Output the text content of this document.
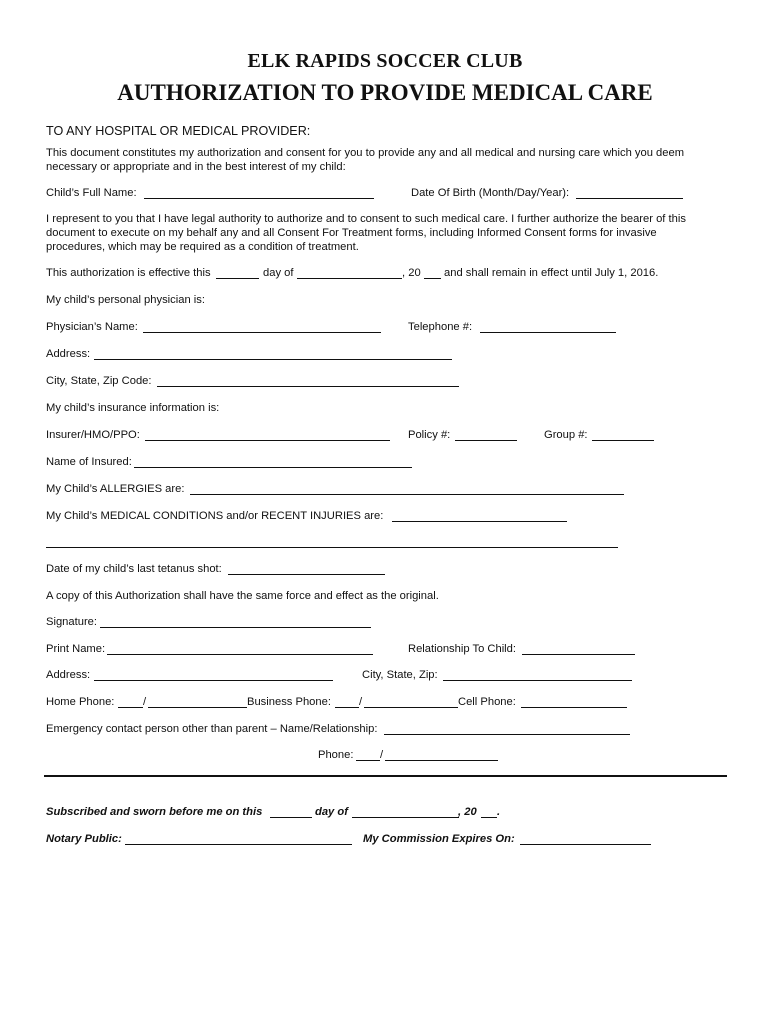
ELK RAPIDS SOCCER CLUB
AUTHORIZATION TO PROVIDE MEDICAL CARE
TO ANY HOSPITAL OR MEDICAL PROVIDER:
This document constitutes my authorization and consent for you to provide any and all medical and nursing care which you deem necessary or appropriate and in the best interest of my child:
Child’s Full Name:	Date Of Birth (Month/Day/Year):
I represent to you that I have legal authority to authorize and to consent to such medical care. I further authorize the bearer of this document to execute on my behalf any and all Consent For Treatment forms, including Informed Consent forms for invasive procedures, which may be required as a condition of treatment.
This authorization is effective this	day of	, 20 and shall remain in effect until July 1, 2016.
My child’s personal physician is:
Physician’s Name:	Telephone #:
Address:
City, State, Zip Code:
My child’s insurance information is:
Insurer/HMO/PPO:	Policy #:	Group #:
Name of Insured:
My Child’s ALLERGIES are:
My Child’s MEDICAL CONDITIONS and/or RECENT INJURIES are:
Date of my child’s last tetanus shot:
A copy of this Authorization shall have the same force and effect as the original.
Signature:
Print Name:	Relationship To Child:
Address:	City, State, Zip:
Home Phone:	/	Business Phone:	/	Cell Phone:
Emergency contact person other than parent – Name/Relationship:
Phone: /
Subscribed and sworn before me on this	day of	, 20 .
Notary Public:	My Commission Expires On:
